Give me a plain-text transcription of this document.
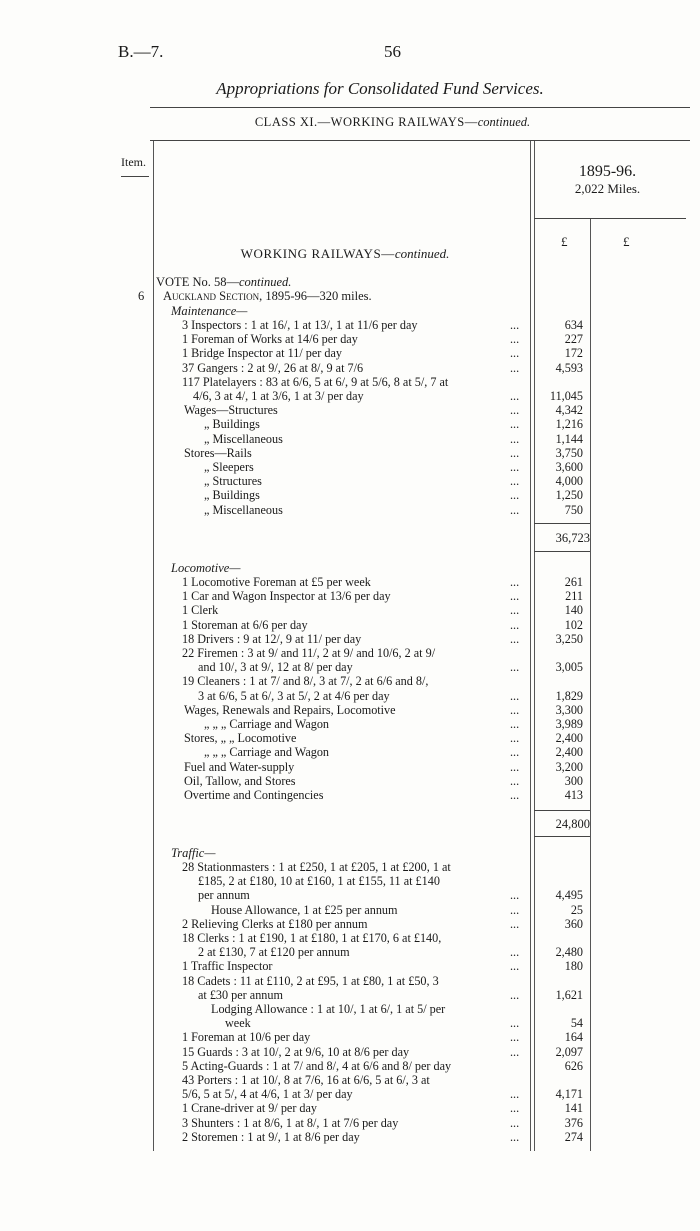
B.—7.	56
Appropriations for Consolidated Fund Services.
CLASS XI.—WORKING RAILWAYS—continued.
Item.
1895-96.
2,022 Miles.
£	£
WORKING RAILWAYS—continued.
VOTE No. 58—continued.
6 Auckland Section, 1895-96—320 miles.
Maintenance—
3 Inspectors : 1 at 16/, 1 at 13/, 1 at 11/6 per day	...	634
1 Foreman of Works at 14/6 per day	...	227
1 Bridge Inspector at 11/ per day	...	172
37 Gangers : 2 at 9/, 26 at 8/, 9 at 7/6	...	4,593
117 Platelayers : 83 at 6/6, 5 at 6/, 9 at 5/6, 8 at 5/, 7 at
4/6, 3 at 4/, 1 at 3/6, 1 at 3/ per day	...	11,045
Wages—Structures	...	4,342
„ Buildings	...	1,216
„ Miscellaneous	...	1,144
Stores—Rails	...	3,750
„ Sleepers	...	3,600
„ Structures	...	4,000
„ Buildings	...	1,250
„ Miscellaneous	...	750
36,723
Locomotive—
1 Locomotive Foreman at £5 per week	...	261
1 Car and Wagon Inspector at 13/6 per day	...	211
1 Clerk	...	140
1 Storeman at 6/6 per day	...	102
18 Drivers : 9 at 12/, 9 at 11/ per day	...	3,250
22 Firemen : 3 at 9/ and 11/, 2 at 9/ and 10/6, 2 at 9/
and 10/, 3 at 9/, 12 at 8/ per day	...	3,005
19 Cleaners : 1 at 7/ and 8/, 3 at 7/, 2 at 6/6 and 8/,
3 at 6/6, 5 at 6/, 3 at 5/, 2 at 4/6 per day	...	1,829
Wages, Renewals and Repairs, Locomotive	...	3,300
„ „ „ Carriage and Wagon	...	3,989
Stores, „ „ Locomotive	...	2,400
„ „ „ Carriage and Wagon	...	2,400
Fuel and Water-supply	...	3,200
Oil, Tallow, and Stores	...	300
Overtime and Contingencies	...	413
24,800
Traffic—
28 Stationmasters : 1 at £250, 1 at £205, 1 at £200, 1 at
£185, 2 at £180, 10 at £160, 1 at £155, 11 at £140
per annum	...	4,495
House Allowance, 1 at £25 per annum	...	25
2 Relieving Clerks at £180 per annum	...	360
18 Clerks : 1 at £190, 1 at £180, 1 at £170, 6 at £140,
2 at £130, 7 at £120 per annum	...	2,480
1 Traffic Inspector	...	180
18 Cadets : 11 at £110, 2 at £95, 1 at £80, 1 at £50, 3
at £30 per annum	...	1,621
Lodging Allowance : 1 at 10/, 1 at 6/, 1 at 5/ per
week	...	54
1 Foreman at 10/6 per day	...	164
15 Guards : 3 at 10/, 2 at 9/6, 10 at 8/6 per day	...	2,097
5 Acting-Guards : 1 at 7/ and 8/, 4 at 6/6 and 8/ per day	626
43 Porters : 1 at 10/, 8 at 7/6, 16 at 6/6, 5 at 6/, 3 at
5/6, 5 at 5/, 4 at 4/6, 1 at 3/ per day	...	4,171
1 Crane-driver at 9/ per day	...	141
3 Shunters : 1 at 8/6, 1 at 8/, 1 at 7/6 per day	...	376
2 Storemen : 1 at 9/, 1 at 8/6 per day	...	274
